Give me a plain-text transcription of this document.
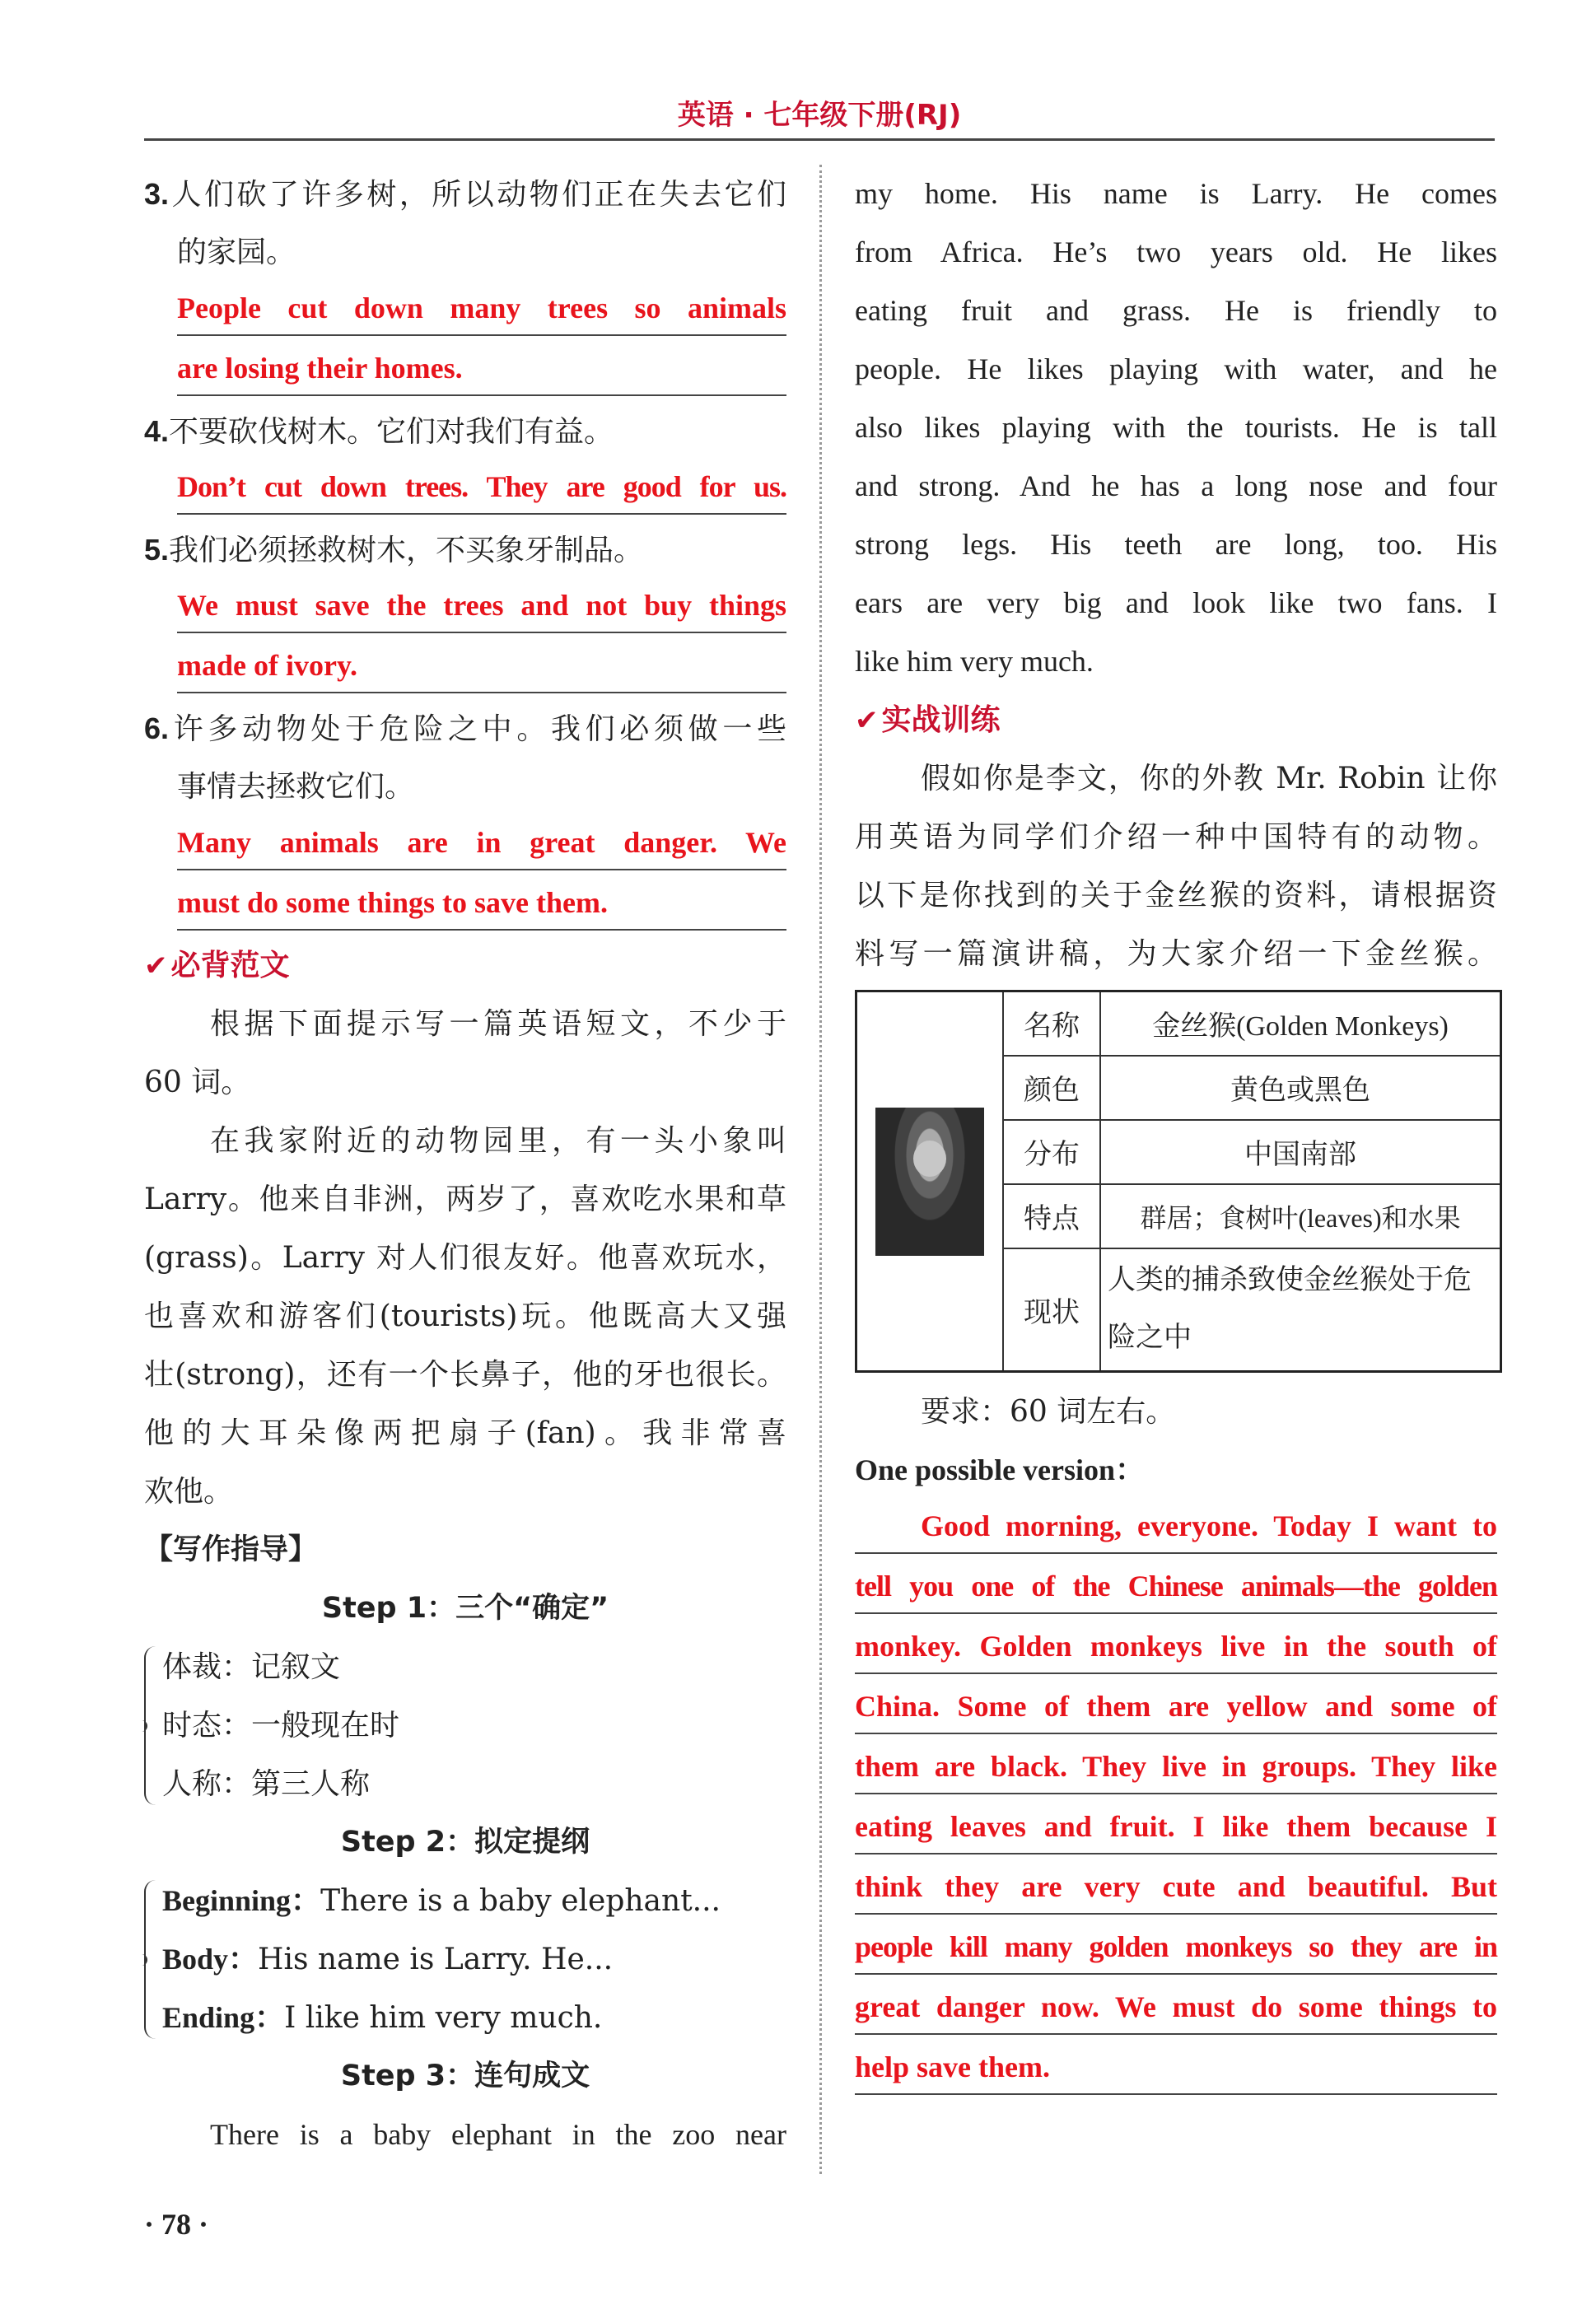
英语 · 七年级下册(RJ)
3.人们砍了许多树，所以动物们正在失去它们
的家园。
People cut down many trees so animals
are losing their homes.
4.不要砍伐树木。它们对我们有益。
Don’t cut down trees. They are good for us.
5.我们必须拯救树木，不买象牙制品。
We must save the trees and not buy things
made of ivory.
6.许多动物处于危险之中。我们必须做一些
事情去拯救它们。
Many animals are in great danger. We
must do some things to save them.
✔ 必背范文
根据下面提示写一篇英语短文，不少于
60 词。
在我家附近的动物园里，有一头小象叫
Larry。他来自非洲，两岁了，喜欢吃水果和草
(grass)。Larry 对人们很友好。他喜欢玩水，
也喜欢和游客们(tourists)玩。他既高大又强
壮(strong)，还有一个长鼻子，他的牙也很长。
他的大耳朵像两把扇子(fan)。我非常喜
欢他。
【写作指导】
Step 1：三个“确定”
体裁：记叙文
时态：一般现在时
人称：第三人称
Step 2：拟定提纲
Beginning：There is a baby elephant...
Body：His name is Larry. He...
Ending：I like him very much.
Step 3：连句成文
There is a baby elephant in the zoo near
my home. His name is Larry. He comes
from Africa. He’s two years old. He likes
eating fruit and grass. He is friendly to
people. He likes playing with water, and he
also likes playing with the tourists. He is tall
and strong. And he has a long nose and four
strong legs. His teeth are long, too. His
ears are very big and look like two fans. I
like him very much.
✔ 实战训练
假如你是李文，你的外教 Mr. Robin 让你
用英语为同学们介绍一种中国特有的动物。
以下是你找到的关于金丝猴的资料，请根据资
料写一篇演讲稿，为大家介绍一下金丝猴。
	名称	金丝猴(Golden Monkeys)
	颜色	黄色或黑色
	分布	中国南部
	特点	群居；食树叶(leaves)和水果
	现状	人类的捕杀致使金丝猴处于危险之中
要求：60 词左右。
One possible version：
Good morning, everyone. Today I want to
tell you one of the Chinese animals—the golden
monkey. Golden monkeys live in the south of
China. Some of them are yellow and some of
them are black. They live in groups. They like
eating leaves and fruit. I like them because I
think they are very cute and beautiful. But
people kill many golden monkeys so they are in
great danger now. We must do some things to
help save them.
· 78 ·
